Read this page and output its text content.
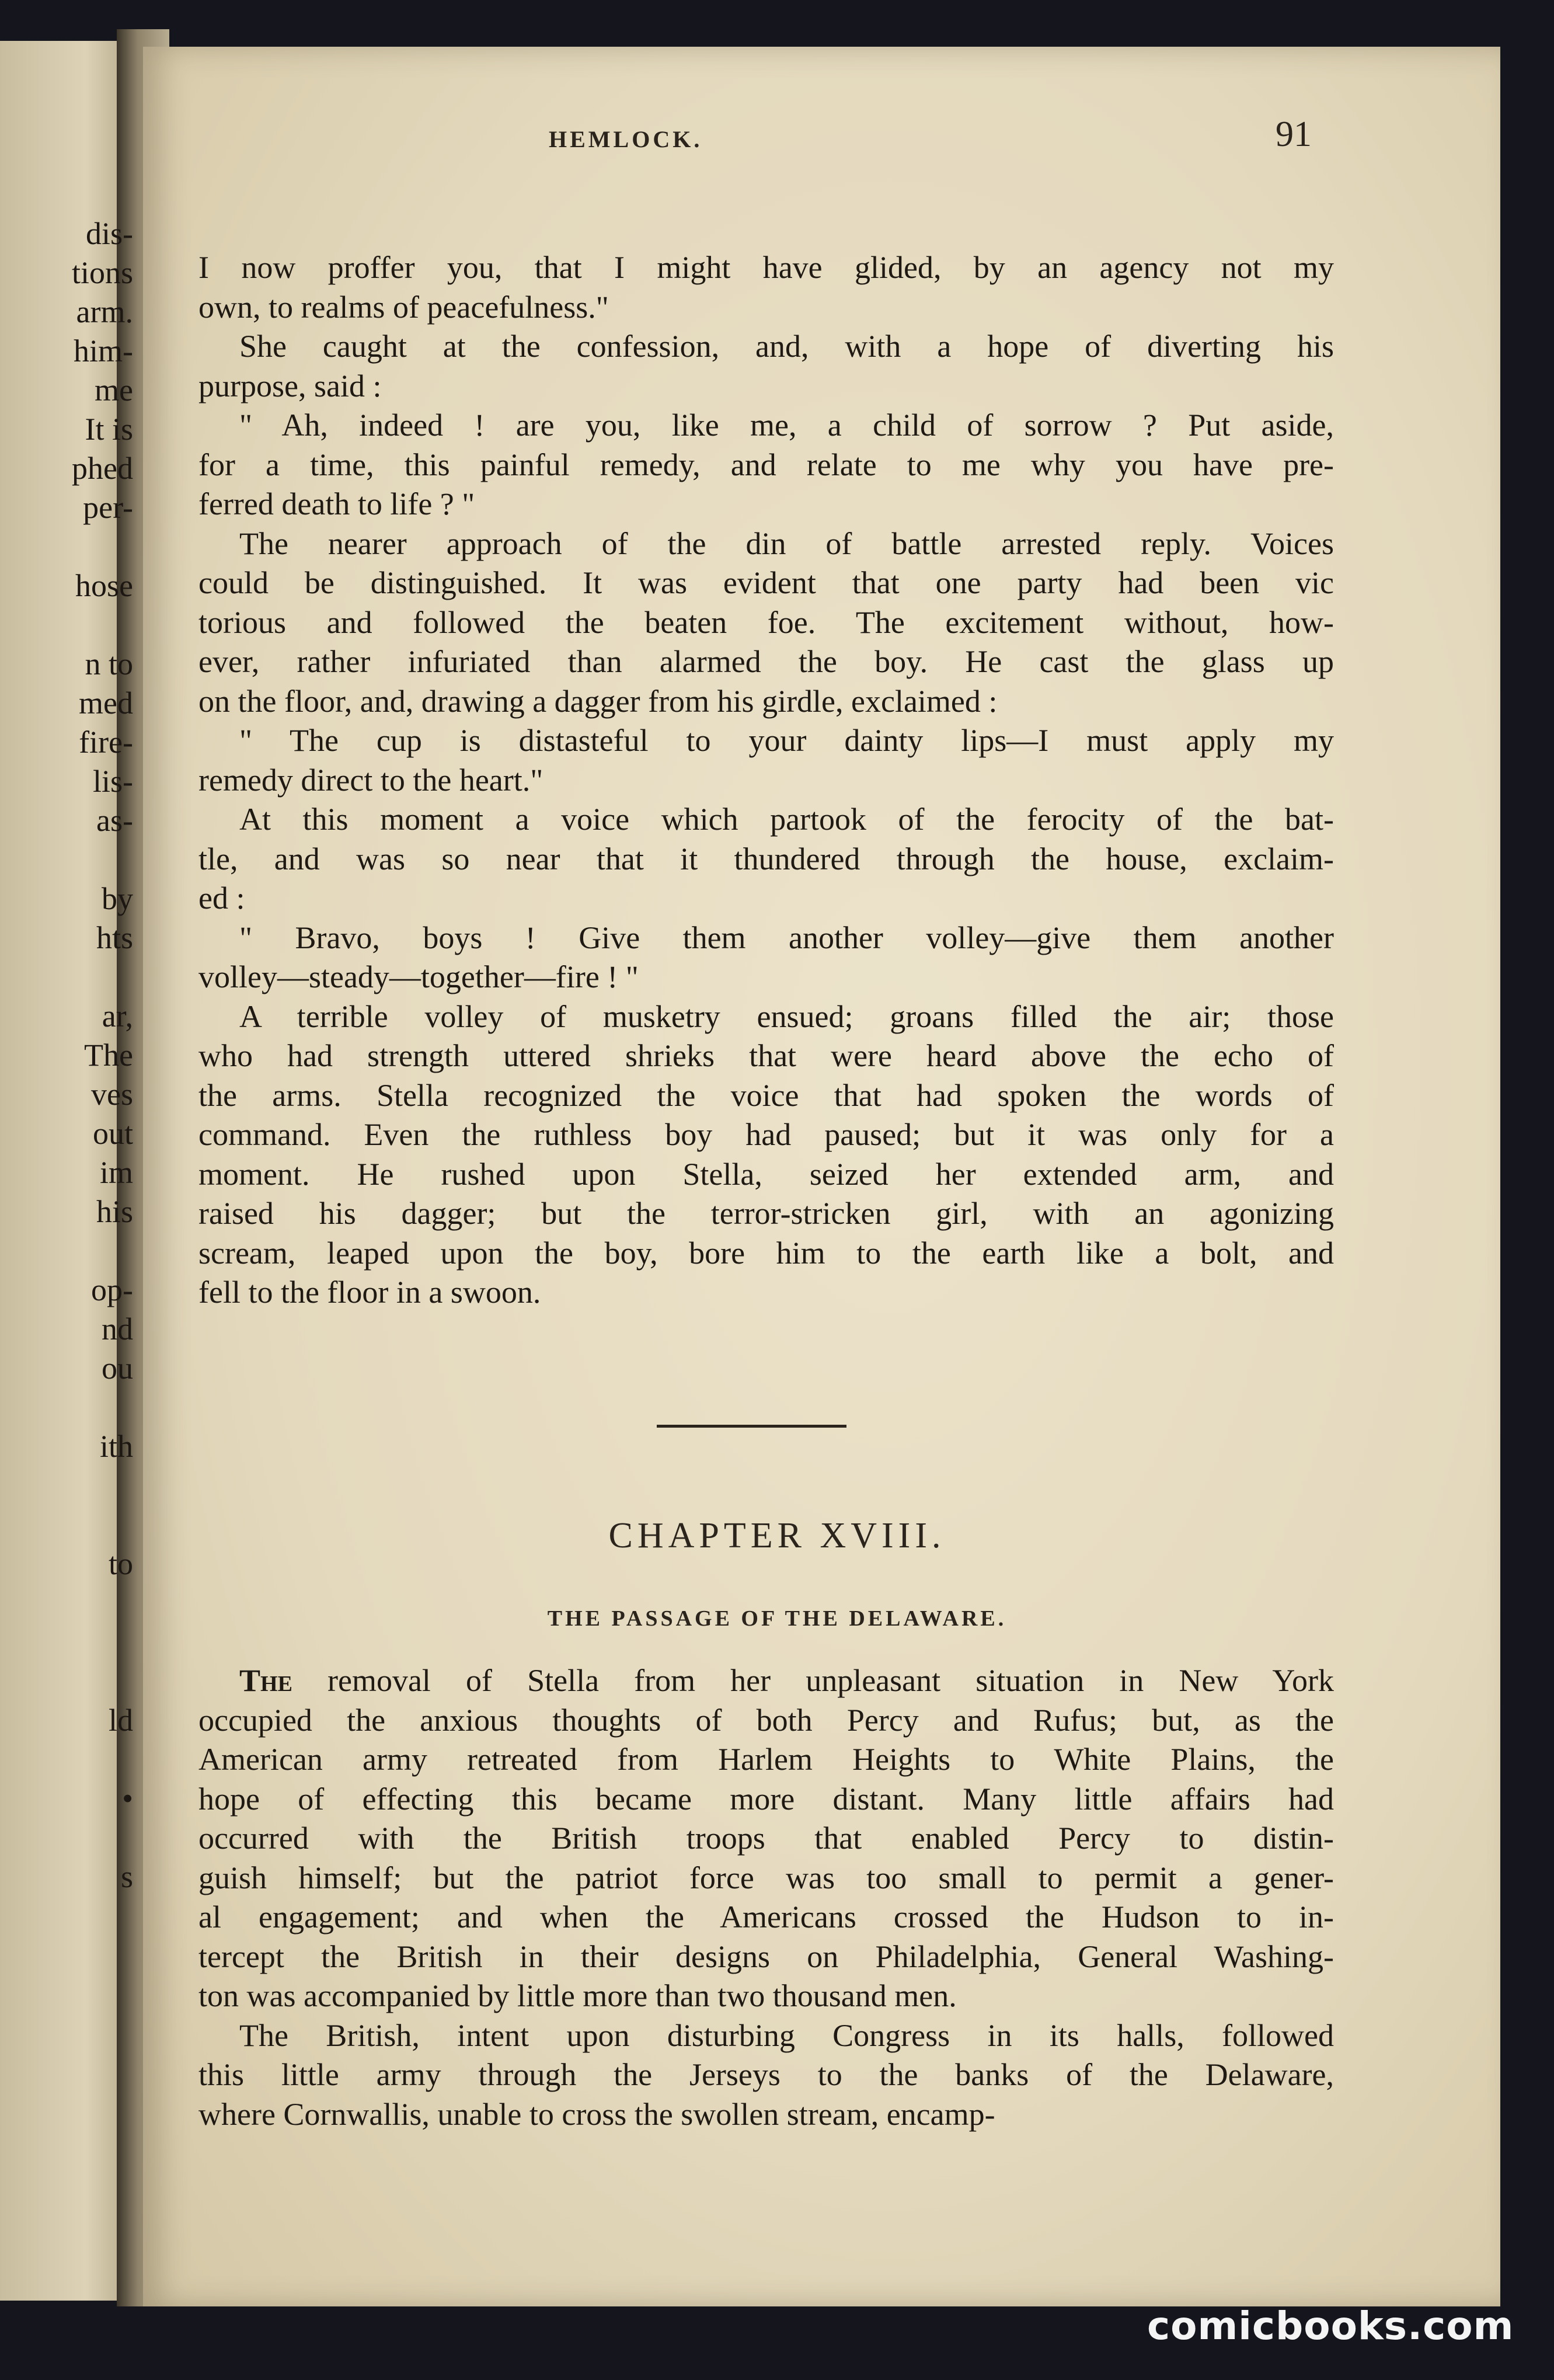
HEMLOCK.	91
I now proffer you, that I might have glided, by an agency not my
own, to realms of peacefulness."
She caught at the confession, and, with a hope of diverting his
purpose, said :
" Ah, indeed ! are you, like me, a child of sorrow ? Put aside,
for a time, this painful remedy, and relate to me why you have pre-
ferred death to life ? "
The nearer approach of the din of battle arrested reply. Voices
could be distinguished. It was evident that one party had been vic
torious and followed the beaten foe. The excitement without, how-
ever, rather infuriated than alarmed the boy. He cast the glass up
on the floor, and, drawing a dagger from his girdle, exclaimed :
" The cup is distasteful to your dainty lips—I must apply my
remedy direct to the heart."
At this moment a voice which partook of the ferocity of the bat-
tle, and was so near that it thundered through the house, exclaim-
ed :
" Bravo, boys ! Give them another volley—give them another
volley—steady—together—fire ! "
A terrible volley of musketry ensued; groans filled the air; those
who had strength uttered shrieks that were heard above the echo of
the arms. Stella recognized the voice that had spoken the words of
command. Even the ruthless boy had paused; but it was only for a
moment. He rushed upon Stella, seized her extended arm, and
raised his dagger; but the terror-stricken girl, with an agonizing
scream, leaped upon the boy, bore him to the earth like a bolt, and
fell to the floor in a swoon.
CHAPTER XVIII.
THE PASSAGE OF THE DELAWARE.
The removal of Stella from her unpleasant situation in New York
occupied the anxious thoughts of both Percy and Rufus; but, as the
American army retreated from Harlem Heights to White Plains, the
hope of effecting this became more distant. Many little affairs had
occurred with the British troops that enabled Percy to distin-
guish himself; but the patriot force was too small to permit a gener-
al engagement; and when the Americans crossed the Hudson to in-
tercept the British in their designs on Philadelphia, General Washing-
ton was accompanied by little more than two thousand men.
The British, intent upon disturbing Congress in its halls, followed
this little army through the Jerseys to the banks of the Delaware,
where Cornwallis, unable to cross the swollen stream, encamp-
dis-
tions
arm.
him-
me
It is
phed
per-
hose
n to
med
fire-
lis-
as-
by
hts
ar,
The
ves
out
im
his
op-
nd
ou
ith
to
ld
•
s
comicbooks.com
